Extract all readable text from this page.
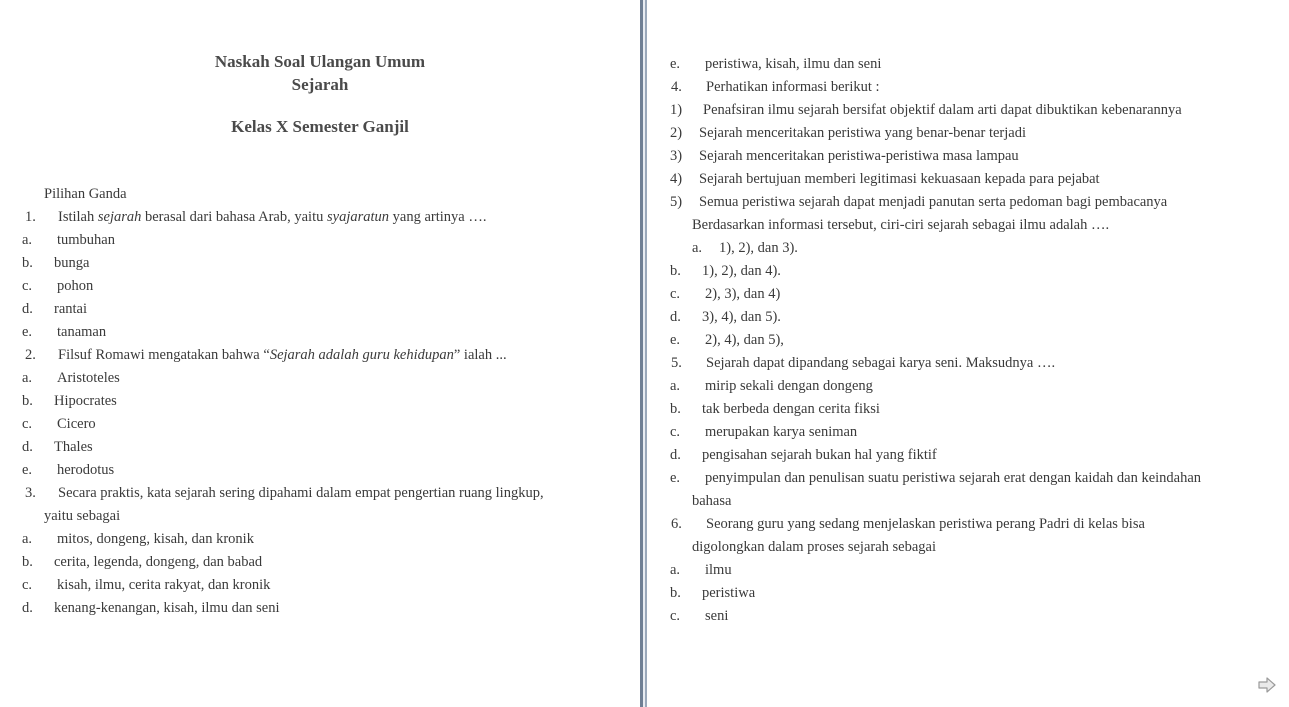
Naskah Soal Ulangan Umum
Sejarah
Kelas X Semester Ganjil
Pilihan Ganda
1. Istilah sejarah berasal dari bahasa Arab, yaitu syajaratun yang artinya ….
a. tumbuhan
b. bunga
c. pohon
d. rantai
e. tanaman
2. Filsuf Romawi mengatakan bahwa “Sejarah adalah guru kehidupan” ialah ...
a. Aristoteles
b. Hipocrates
c. Cicero
d. Thales
e. herodotus
3. Secara praktis, kata sejarah sering dipahami dalam empat pengertian ruang lingkup,
yaitu sebagai
a. mitos, dongeng, kisah, dan kronik
b. cerita, legenda, dongeng, dan babad
c. kisah, ilmu, cerita rakyat, dan kronik
d. kenang-kenangan, kisah, ilmu dan seni
e. peristiwa, kisah, ilmu dan seni
4. Perhatikan informasi berikut :
1) Penafsiran ilmu sejarah bersifat objektif dalam arti dapat dibuktikan kebenarannya
2) Sejarah menceritakan peristiwa yang benar-benar terjadi
3) Sejarah menceritakan peristiwa-peristiwa masa lampau
4) Sejarah bertujuan memberi legitimasi kekuasaan kepada para pejabat
5) Semua peristiwa sejarah dapat menjadi panutan serta pedoman bagi pembacanya
Berdasarkan informasi tersebut, ciri-ciri sejarah sebagai ilmu adalah ….
a. 1), 2), dan 3).
b. 1), 2), dan 4).
c. 2), 3), dan 4)
d. 3), 4), dan 5).
e. 2), 4), dan 5),
5. Sejarah dapat dipandang sebagai karya seni. Maksudnya ….
a. mirip sekali dengan dongeng
b. tak berbeda dengan cerita fiksi
c. merupakan karya seniman
d. pengisahan sejarah bukan hal yang fiktif
e. penyimpulan dan penulisan suatu peristiwa sejarah erat dengan kaidah dan keindahan
bahasa
6. Seorang guru yang sedang menjelaskan peristiwa perang Padri di kelas bisa
digolongkan dalam proses sejarah sebagai
a. ilmu
b. peristiwa
c. seni
